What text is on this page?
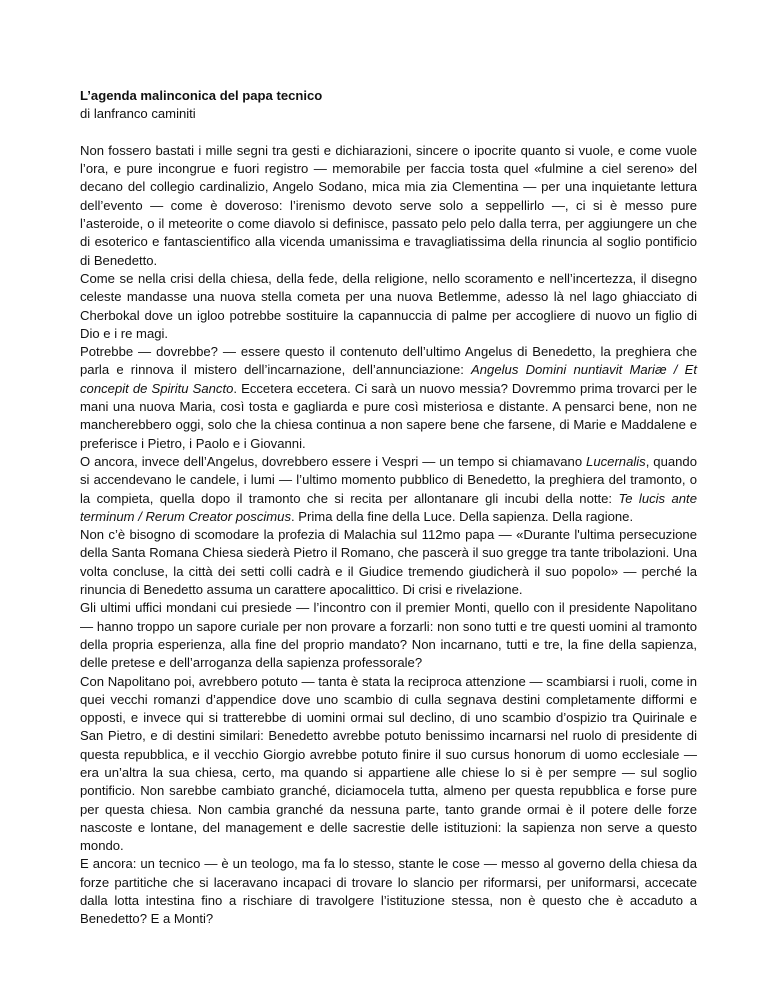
L’agenda malinconica del papa tecnico

di lanfranco caminiti

Non fossero bastati i mille segni tra gesti e dichiarazioni, sincere o ipocrite quanto si vuole, e come vuole l’ora, e pure incongrue e fuori registro — memorabile per faccia tosta quel «fulmine a ciel sereno» del decano del collegio cardinalizio, Angelo Sodano, mica mia zia Clementina — per una inquietante lettura dell’evento — come è doveroso: l’irenismo devoto serve solo a seppellirlo —, ci si è messo pure l’asteroide, o il meteorite o come diavolo si definisce, passato pelo pelo dalla terra, per aggiungere un che di esoterico e fantascientifico alla vicenda umanissima e travagliatissima della rinuncia al soglio pontificio di Benedetto.

Come se nella crisi della chiesa, della fede, della religione, nello scoramento e nell’incertezza, il disegno celeste mandasse una nuova stella cometa per una nuova Betlemme, adesso là nel lago ghiacciato di Cherbokal dove un igloo potrebbe sostituire la capannuccia di palme per accogliere di nuovo un figlio di Dio e i re magi.

Potrebbe — dovrebbe? — essere questo il contenuto dell’ultimo Angelus di Benedetto, la preghiera che parla e rinnova il mistero dell’incarnazione, dell’annunciazione: Angelus Domini nuntiavit Mariæ / Et concepit de Spiritu Sancto. Eccetera eccetera. Ci sarà un nuovo messia? Dovremmo prima trovarci per le mani una nuova Maria, così tosta e gagliarda e pure così misteriosa e distante. A pensarci bene, non ne mancherebbero oggi, solo che la chiesa continua a non sapere bene che farsene, di Marie e Maddalene e preferisce i Pietro, i Paolo e i Giovanni.

O ancora, invece dell’Angelus, dovrebbero essere i Vespri — un tempo si chiamavano Lucernalis, quando si accendevano le candele, i lumi — l’ultimo momento pubblico di Benedetto, la preghiera del tramonto, o la compieta, quella dopo il tramonto che si recita per allontanare gli incubi della notte: Te lucis ante terminum / Rerum Creator poscimus. Prima della fine della Luce. Della sapienza. Della ragione.

Non c’è bisogno di scomodare la profezia di Malachia sul 112mo papa — «Durante l'ultima persecuzione della Santa Romana Chiesa siederà Pietro il Romano, che pascerà il suo gregge tra tante tribolazioni. Una volta concluse, la città dei setti colli cadrà e il Giudice tremendo giudicherà il suo popolo» — perché la rinuncia di Benedetto assuma un carattere apocalittico. Di crisi e rivelazione.

Gli ultimi uffici mondani cui presiede — l’incontro con il premier Monti, quello con il presidente Napolitano — hanno troppo un sapore curiale per non provare a forzarli: non sono tutti e tre questi uomini al tramonto della propria esperienza, alla fine del proprio mandato? Non incarnano, tutti e tre, la fine della sapienza, delle pretese e dell’arroganza della sapienza professorale?

Con Napolitano poi, avrebbero potuto — tanta è stata la reciproca attenzione — scambiarsi i ruoli, come in quei vecchi romanzi d’appendice dove uno scambio di culla segnava destini completamente difformi e opposti, e invece qui si tratterebbe di uomini ormai sul declino, di uno scambio d’ospizio tra Quirinale e San Pietro, e di destini similari: Benedetto avrebbe potuto benissimo incarnarsi nel ruolo di presidente di questa repubblica, e il vecchio Giorgio avrebbe potuto finire il suo cursus honorum di uomo ecclesiale — era un’altra la sua chiesa, certo, ma quando si appartiene alle chiese lo si è per sempre — sul soglio pontificio. Non sarebbe cambiato granché, diciamocela tutta, almeno per questa repubblica e forse pure per questa chiesa. Non cambia granché da nessuna parte, tanto grande ormai è il potere delle forze nascoste e lontane, del management e delle sacrestie delle istituzioni: la sapienza non serve a questo mondo.

E ancora: un tecnico — è un teologo, ma fa lo stesso, stante le cose — messo al governo della chiesa da forze partitiche che si laceravano incapaci di trovare lo slancio per riformarsi, per uniformarsi, accecate dalla lotta intestina fino a rischiare di travolgere l’istituzione stessa, non è questo che è accaduto a Benedetto? E a Monti?
